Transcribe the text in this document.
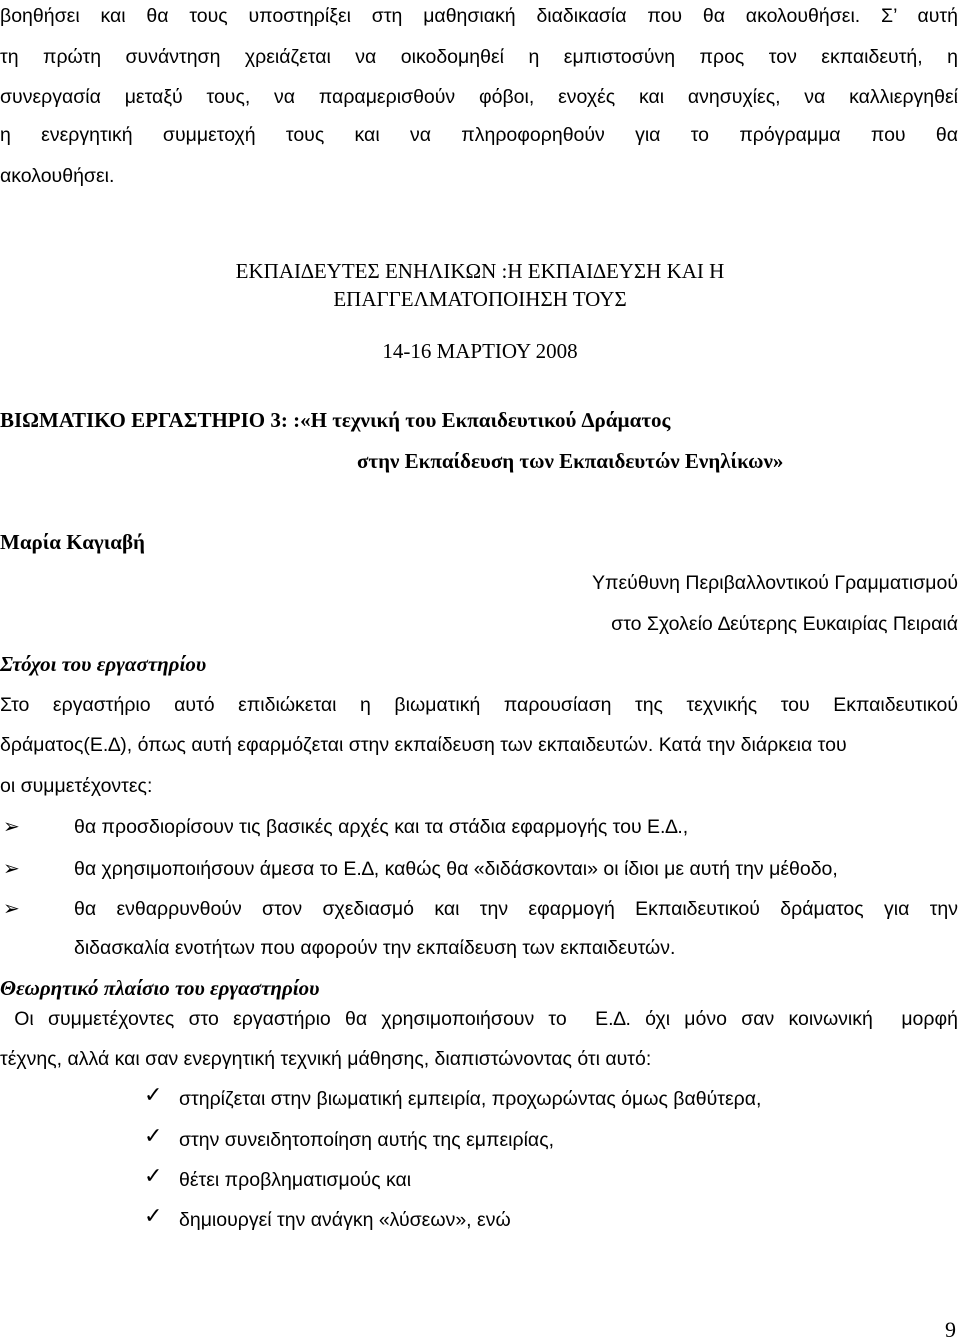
βοηθήσει και θα τους υποστηρίξει στη μαθησιακή διαδικασία που θα ακολουθήσει. Σ’ αυτή
τη πρώτη συνάντηση χρειάζεται να οικοδομηθεί η εμπιστοσύνη προς τον εκπαιδευτή, η
συνεργασία μεταξύ τους, να παραμερισθούν φόβοι, ενοχές και ανησυχίες, να καλλιεργηθεί
η ενεργητική συμμετοχή τους και να πληροφορηθούν για το πρόγραμμα που θα
ακολουθήσει.
ΕΚΠΑΙ∆ΕΥΤΕΣ ΕΝΗΛΙΚΩΝ :Η ΕΚΠΑΙ∆ΕΥΣΗ ΚΑΙ Η
ΕΠΑΓΓΕΛΜΑΤΟΠΟΙΗΣΗ ΤΟΥΣ
14-16 ΜΑΡΤΙΟΥ 2008
ΒΙΩΜΑΤΙΚΟ ΕΡΓΑΣΤΗΡΙΟ 3: :«Η τεχνική του Εκπαιδευτικού ∆ράµατος
στην Εκπαίδευση των Εκπαιδευτών Ενηλίκων»
Μαρία Καγιαβή
Υπεύθυνη Περιβαλλοντικού Γραμματισμού
στο Σχολείο ∆εύτερης Ευκαιρίας Πειραιά
Στόχοι του εργαστηρίου
Στο εργαστήριο αυτό επιδιώκεται η βιωματική παρουσίαση της τεχνικής του Εκπαιδευτικού
δράματος(Ε.∆), όπως αυτή εφαρμόζεται στην εκπαίδευση των εκπαιδευτών. Κατά την διάρκεια του
οι συμμετέχοντες:
➢	θα προσδιορίσουν τις βασικές αρχές και τα στάδια εφαρμογής του Ε.∆.,
➢	θα χρησιμοποιήσουν άμεσα το Ε.∆, καθώς θα «διδάσκονται» οι ίδιοι με αυτή την μέθοδο,
➢	θα ενθαρρυνθούν στον σχεδιασμό και την εφαρμογή Εκπαιδευτικού δράματος για την
διδασκαλία ενοτήτων που αφορούν την εκπαίδευση των εκπαιδευτών.
Θεωρητικό πλαίσιο του εργαστηρίου
Οι συμμετέχοντες στο εργαστήριο θα χρησιμοποιήσουν το  Ε.∆. όχι μόνο σαν κοινωνική  μορφή
τέχνης, αλλά και σαν ενεργητική τεχνική μάθησης, διαπιστώνοντας ότι αυτό:
✓ στηρίζεται στην βιωματική εμπειρία, προχωρώντας όμως βαθύτερα,
✓ στην συνειδητοποίηση αυτής της εμπειρίας,
✓ θέτει προβληματισμούς και
✓ δημιουργεί την ανάγκη «λύσεων», ενώ
9
